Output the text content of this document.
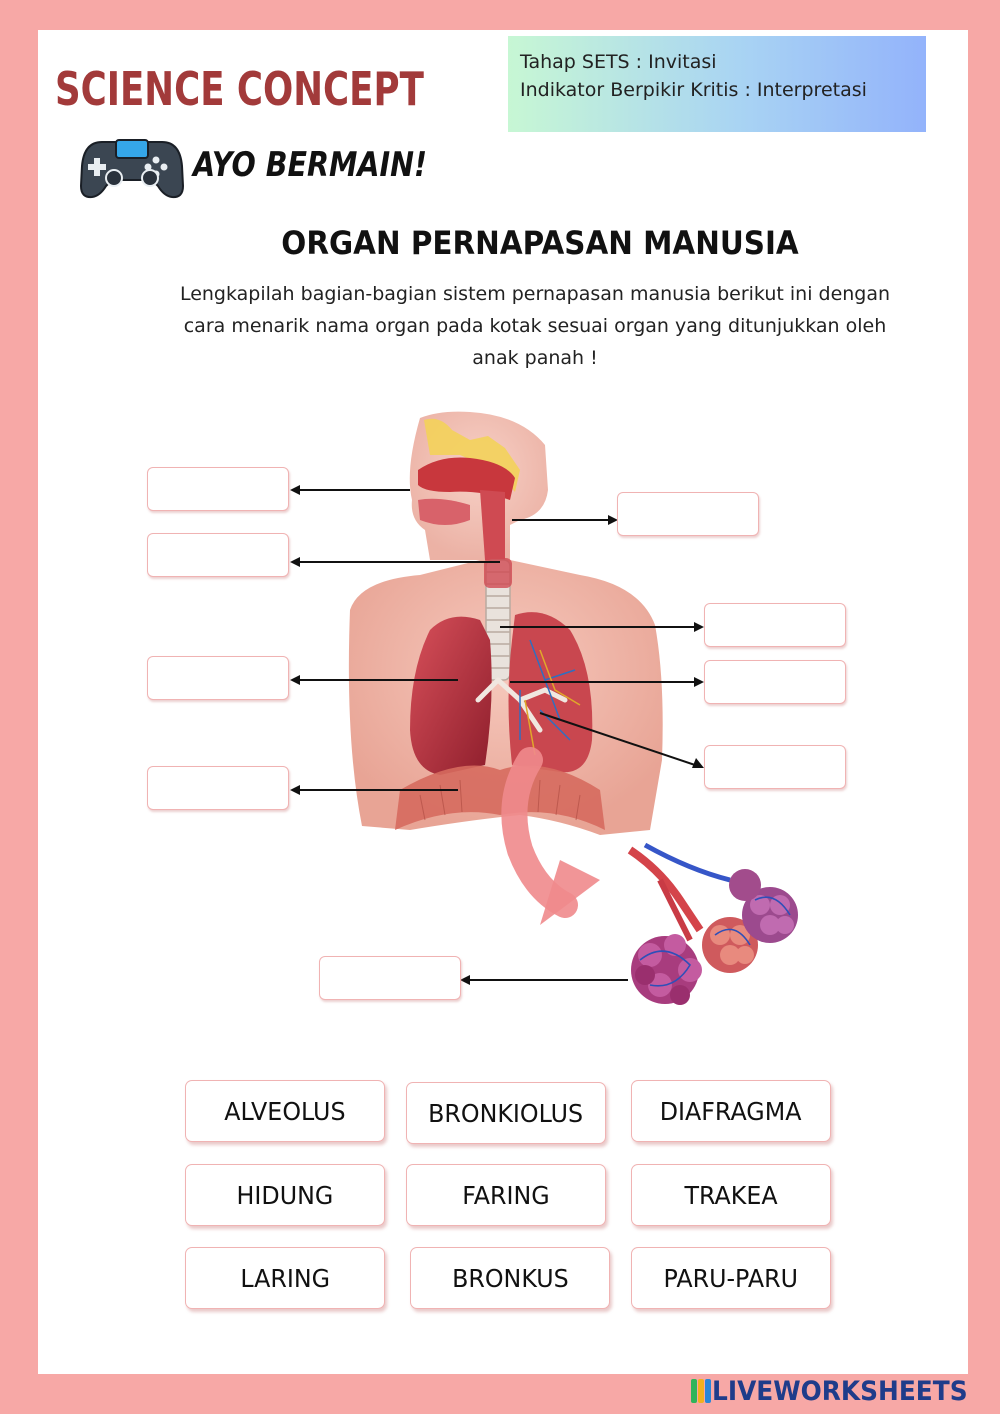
SCIENCE CONCEPT	Tahap SETS : Invitasi
Indikator Berpikir Kritis : Interpretasi
AYO BERMAIN!
ORGAN PERNAPASAN MANUSIA
Lengkapilah bagian-bagian sistem pernapasan manusia berikut ini dengan cara menarik nama organ pada kotak sesuai organ yang ditunjukkan oleh anak panah !
ALVEOLUS	BRONKIOLUS	DIAFRAGMA
HIDUNG	FARING	TRAKEA
LARING	BRONKUS	PARU-PARU
LIVEWORKSHEETS
